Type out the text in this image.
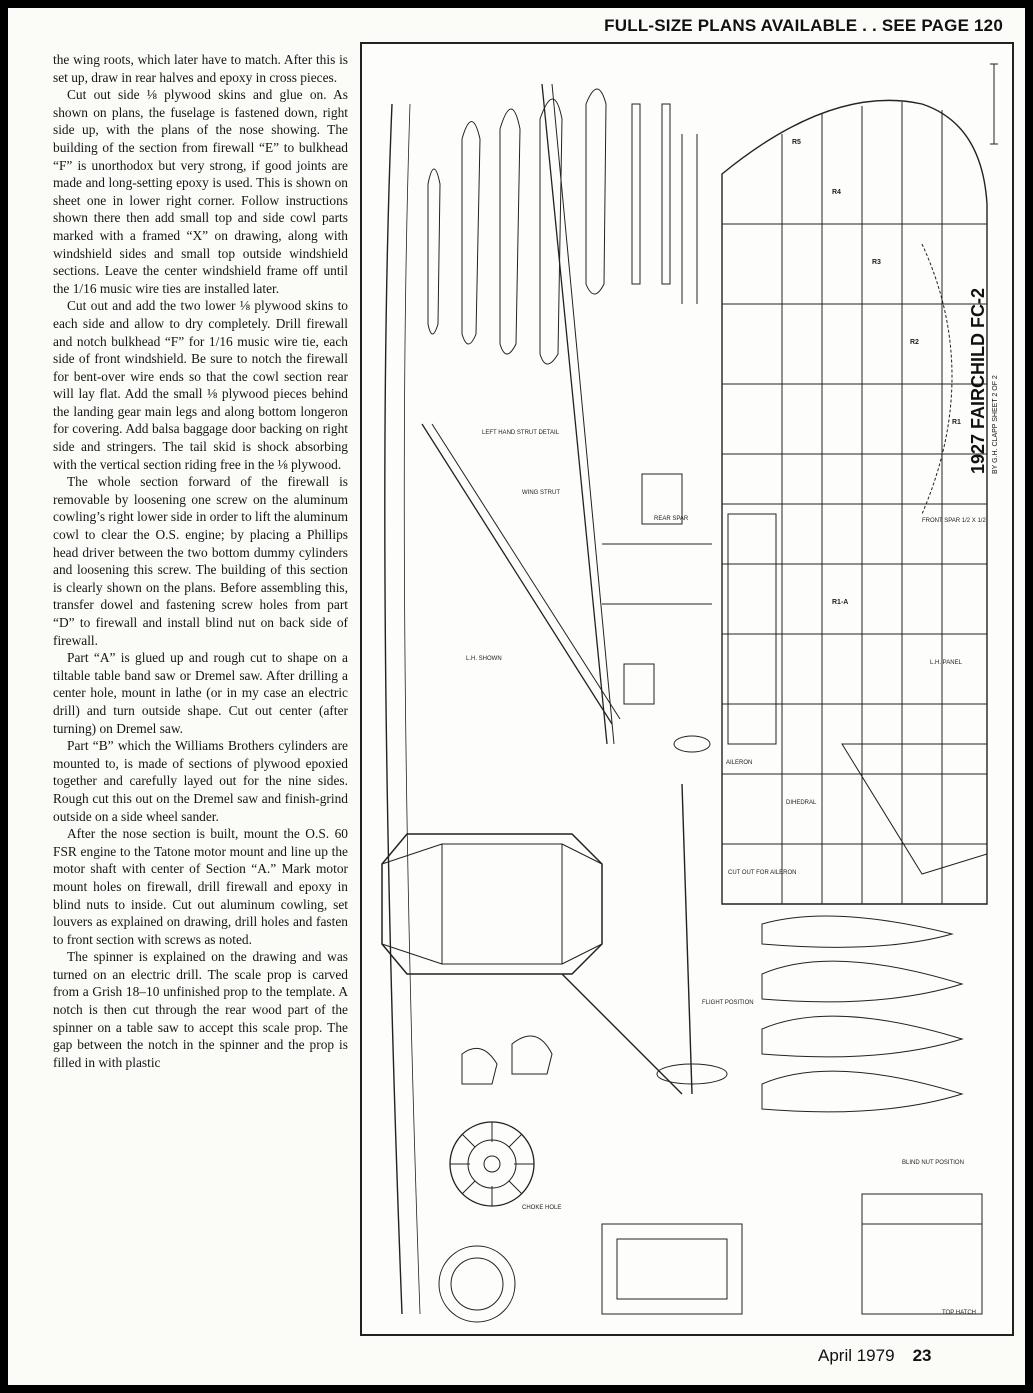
FULL-SIZE PLANS AVAILABLE . . SEE PAGE 120

the wing roots, which later have to match. After this is set up, draw in rear halves and epoxy in cross pieces.

Cut out side ⅛ plywood skins and glue on. As shown on plans, the fuselage is fastened down, right side up, with the plans of the nose showing. The building of the section from firewall “E” to bulkhead “F” is unorthodox but very strong, if good joints are made and long-setting epoxy is used. This is shown on sheet one in lower right corner. Follow instructions shown there then add small top and side cowl parts marked with a framed “X” on drawing, along with windshield sides and small top outside windshield sections. Leave the center windshield frame off until the 1/16 music wire ties are installed later.

Cut out and add the two lower ⅛ plywood skins to each side and allow to dry completely. Drill firewall and notch bulkhead “F” for 1/16 music wire tie, each side of front windshield. Be sure to notch the firewall for bent-over wire ends so that the cowl section rear will lay flat. Add the small ⅛ plywood pieces behind the landing gear main legs and along bottom longeron for covering. Add balsa baggage door backing on right side and stringers. The tail skid is shock absorbing with the vertical section riding free in the ⅛ plywood.

The whole section forward of the firewall is removable by loosening one screw on the aluminum cowling’s right lower side in order to lift the aluminum cowl to clear the O.S. engine; by placing a Phillips head driver between the two bottom dummy cylinders and loosening this screw. The building of this section is clearly shown on the plans. Before assembling this, transfer dowel and fastening screw holes from part “D” to firewall and install blind nut on back side of firewall.

Part “A” is glued up and rough cut to shape on a tiltable table band saw or Dremel saw. After drilling a center hole, mount in lathe (or in my case an electric drill) and turn outside shape. Cut out center (after turning) on Dremel saw.

Part “B” which the Williams Brothers cylinders are mounted to, is made of sections of plywood epoxied together and carefully layed out for the nine sides. Rough cut this out on the Dremel saw and finish-grind outside on a side wheel sander.

After the nose section is built, mount the O.S. 60 FSR engine to the Tatone motor mount and line up the motor shaft with center of Section “A.” Mark motor mount holes on firewall, drill firewall and epoxy in blind nuts to inside. Cut out aluminum cowling, set louvers as explained on drawing, drill holes and fasten to front section with screws as noted.

The spinner is explained on the drawing and was turned on an electric drill. The scale prop is carved from a Grish 18–10 unfinished prop to the template. A notch is then cut through the rear wood part of the spinner on a table saw to accept this scale prop. The gap between the notch in the spinner and the prop is filled in with plastic

R5
R4
R3
R2
R1
R1-A
L.H. PANEL
FRONT SPAR 1/2 X 1/2
REAR SPAR
TOP HATCH
L.H. SHOWN
DIHEDRAL
AILERON
LEFT HAND STRUT DETAIL
WING STRUT
BLIND NUT POSITION
FLIGHT POSITION
CHOKE HOLE
CUT OUT FOR AILERON
1927 FAIRCHILD FC-2 BY G.H. CLAPP SHEET 2 OF 2
April 1979 23
